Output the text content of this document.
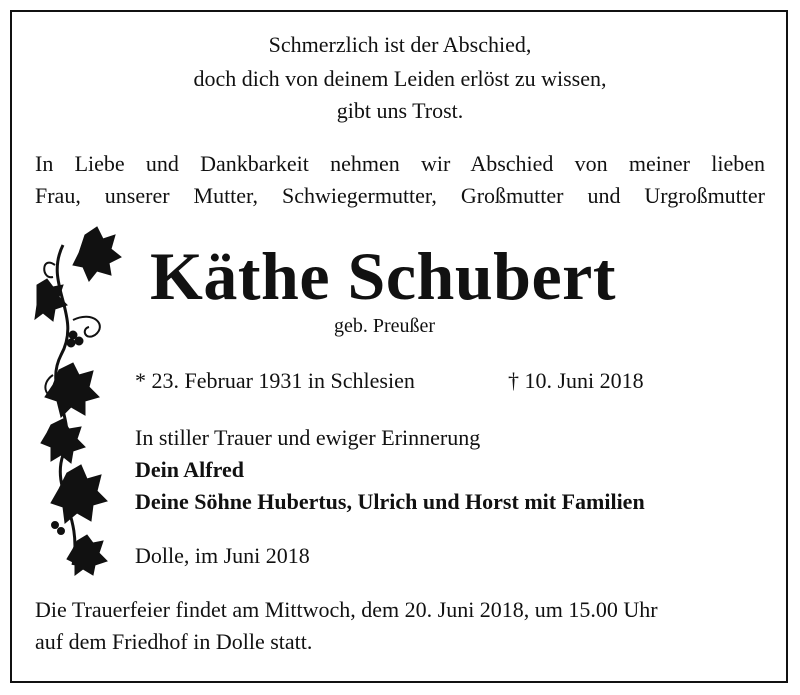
Schmerzlich ist der Abschied,
doch dich von deinem Leiden erlöst zu wissen,
gibt uns Trost.
In Liebe und Dankbarkeit nehmen wir Abschied von meiner lieben
Frau, unserer Mutter, Schwiegermutter, Großmutter und Urgroßmutter
Käthe Schubert
geb. Preußer
* 23. Februar 1931 in Schlesien	† 10. Juni 2018
In stiller Trauer und ewiger Erinnerung
Dein Alfred
Deine Söhne Hubertus, Ulrich und Horst mit Familien
Dolle, im Juni 2018
Die Trauerfeier findet am Mittwoch, dem 20. Juni 2018, um 15.00 Uhr
auf dem Friedhof in Dolle statt.
